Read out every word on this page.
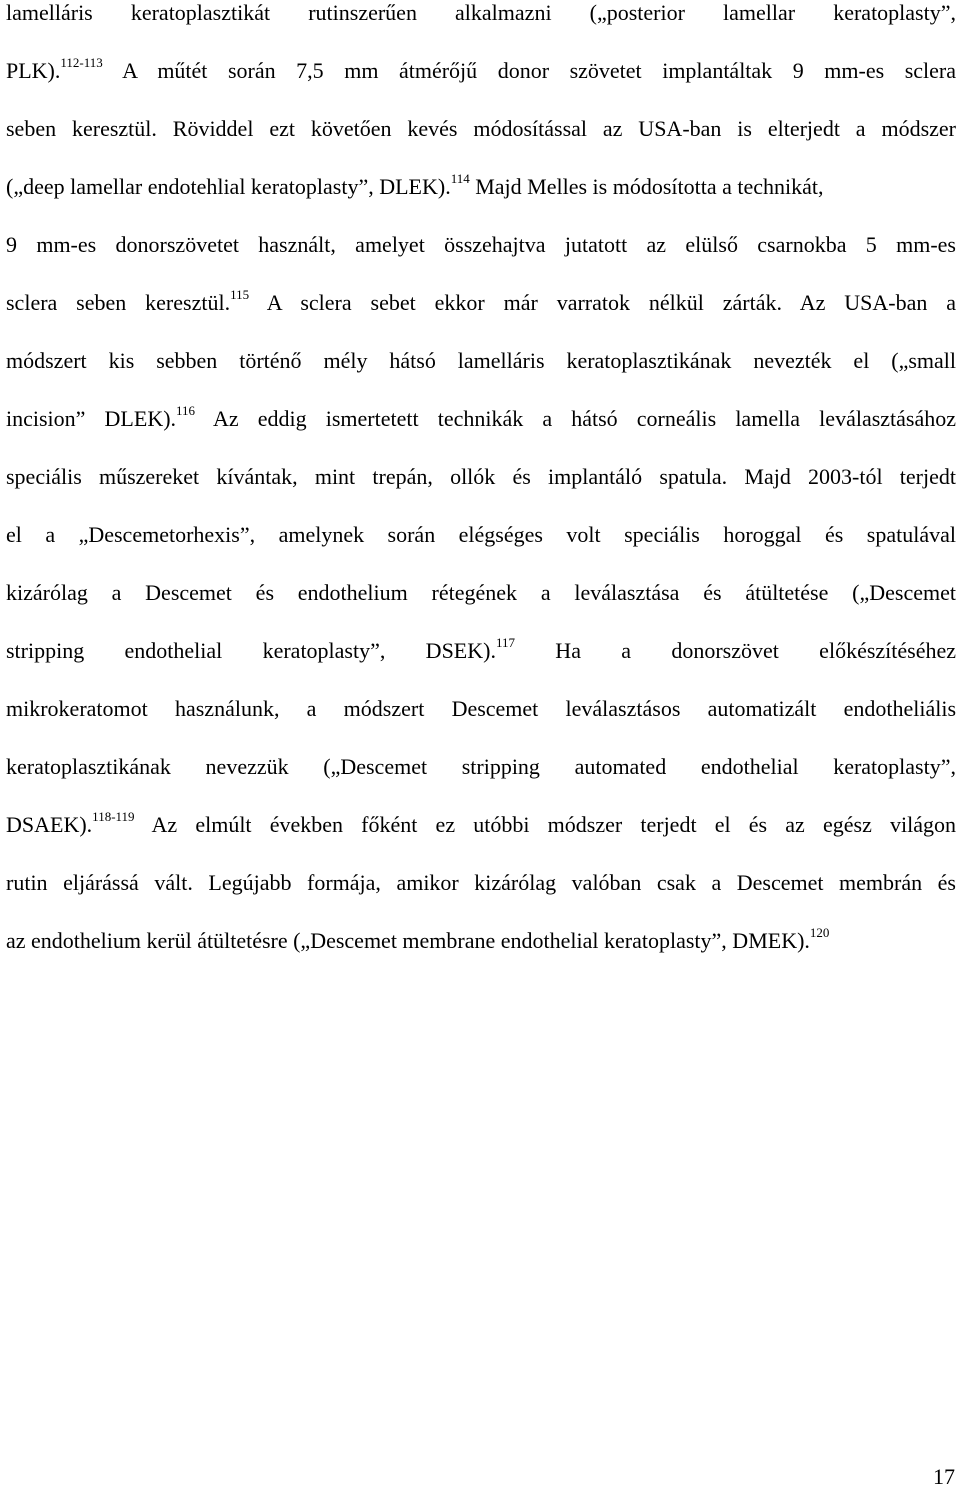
lamelláris keratoplasztikát rutinszerűen alkalmazni („posterior lamellar keratoplasty”,
PLK).$^{112-113}$ A műtét során 7,5 mm átmérőjű donor szövetet implantáltak 9 mm-es sclera
seben keresztül. Röviddel ezt követően kevés módosítással az USA-ban is elterjedt a módszer
(„deep lamellar endotehlial keratoplasty”, DLEK).$^{114}$ Majd Melles is módosította a technikát,
9 mm-es donorszövetet használt, amelyet összehajtva jutatott az elülső csarnokba 5 mm-es
sclera seben keresztül.$^{115}$ A sclera sebet ekkor már varratok nélkül zárták. Az USA-ban a
módszert kis sebben történő mély hátsó lamelláris keratoplasztikának nevezték el („small
incision” DLEK).$^{116}$ Az eddig ismertetett technikák a hátsó corneális lamella leválasztásához
speciális műszereket kívántak, mint trepán, ollók és implantáló spatula. Majd 2003-tól terjedt
el a „Descemetorhexis”, amelynek során elégséges volt speciális horoggal és spatulával
kizárólag a Descemet és endothelium rétegének a leválasztása és átültetése („Descemet
stripping endothelial keratoplasty”, DSEK).$^{117}$ Ha a donorszövet előkészítéséhez
mikrokeratomot használunk, a módszert Descemet leválasztásos automatizált endotheliális
keratoplasztikának nevezzük („Descemet stripping automated endothelial keratoplasty”,
DSAEK).$^{118-119}$ Az elmúlt években főként ez utóbbi módszer terjedt el és az egész világon
rutin eljárássá vált. Legújabb formája, amikor kizárólag valóban csak a Descemet membrán és
az endothelium kerül átültetésre („Descemet membrane endothelial keratoplasty”, DMEK).$^{120}$
17
